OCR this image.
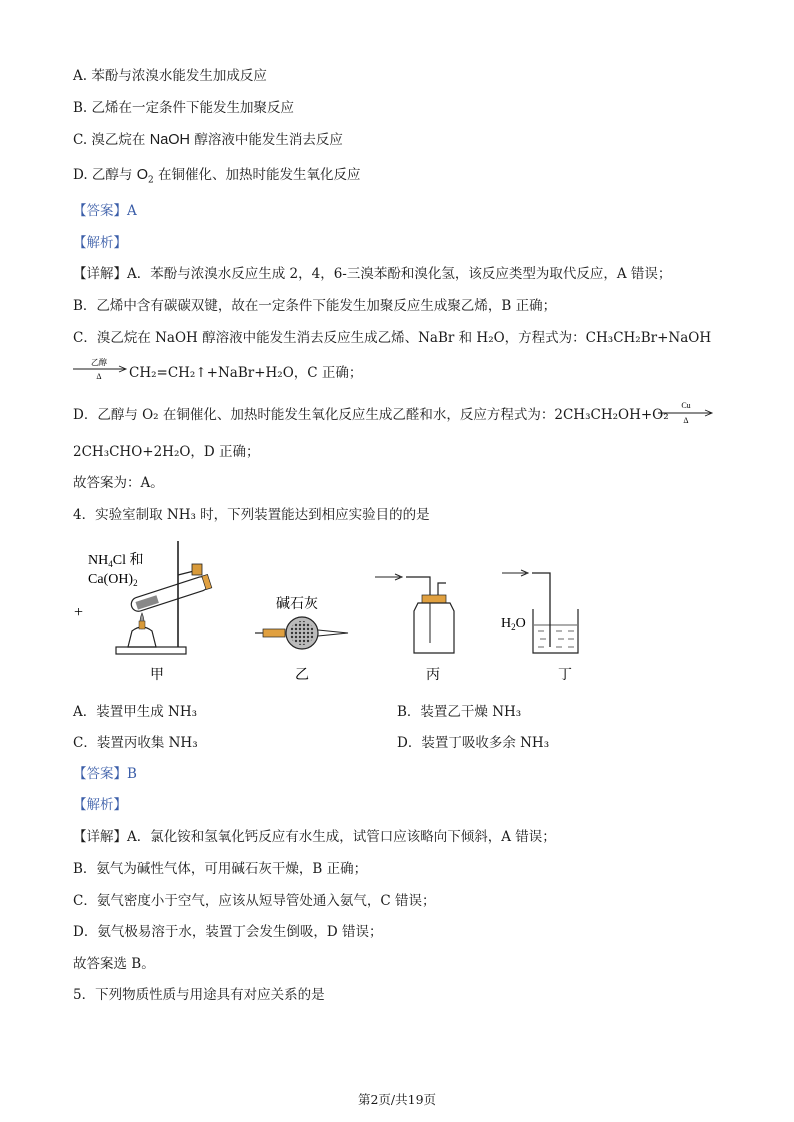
A. 苯酚与浓溴水能发生加成反应
B. 乙烯在一定条件下能发生加聚反应
C. 溴乙烷在 NaOH 醇溶液中能发生消去反应
D. 乙醇与 $O_2$ 在铜催化、加热时能发生氧化反应
【答案】A
【解析】
【详解】A．苯酚与浓溴水反应生成 2，4，6-三溴苯酚和溴化氢，该反应类型为取代反应，A 错误；
B．乙烯中含有碳碳双键，故在一定条件下能发生加聚反应生成聚乙烯，B 正确；
C．溴乙烷在 NaOH 醇溶液中能发生消去反应生成乙烯、NaBr 和 H₂O，方程式为：CH₃CH₂Br+NaOH
乙醇
Δ CH₂=CH₂↑+NaBr+H₂O，C 正确；
D．乙醇与 O₂ 在铜催化、加热时能发生氧化反应生成乙醛和水，反应方程式为：2CH₃CH₂OH+O₂
Cu
Δ
2CH₃CHO+2H₂O，D 正确；
故答案为：A。
4．实验室制取 NH₃ 时，下列装置能达到相应实验目的的是
$NH_4Cl$ 和
$Ca(OH)_2$
+
甲
碱石灰
乙	丙
$H_2O$
丁
A．装置甲生成 NH₃	B．装置乙干燥 NH₃
C．装置丙收集 NH₃	D．装置丁吸收多余 NH₃
【答案】B
【解析】
【详解】A．氯化铵和氢氧化钙反应有水生成，试管口应该略向下倾斜，A 错误；
B．氨气为碱性气体，可用碱石灰干燥，B 正确；
C．氨气密度小于空气，应该从短导管处通入氨气，C 错误；
D．氨气极易溶于水，装置丁会发生倒吸，D 错误；
故答案选 B。
5．下列物质性质与用途具有对应关系的是
第2页/共19页
